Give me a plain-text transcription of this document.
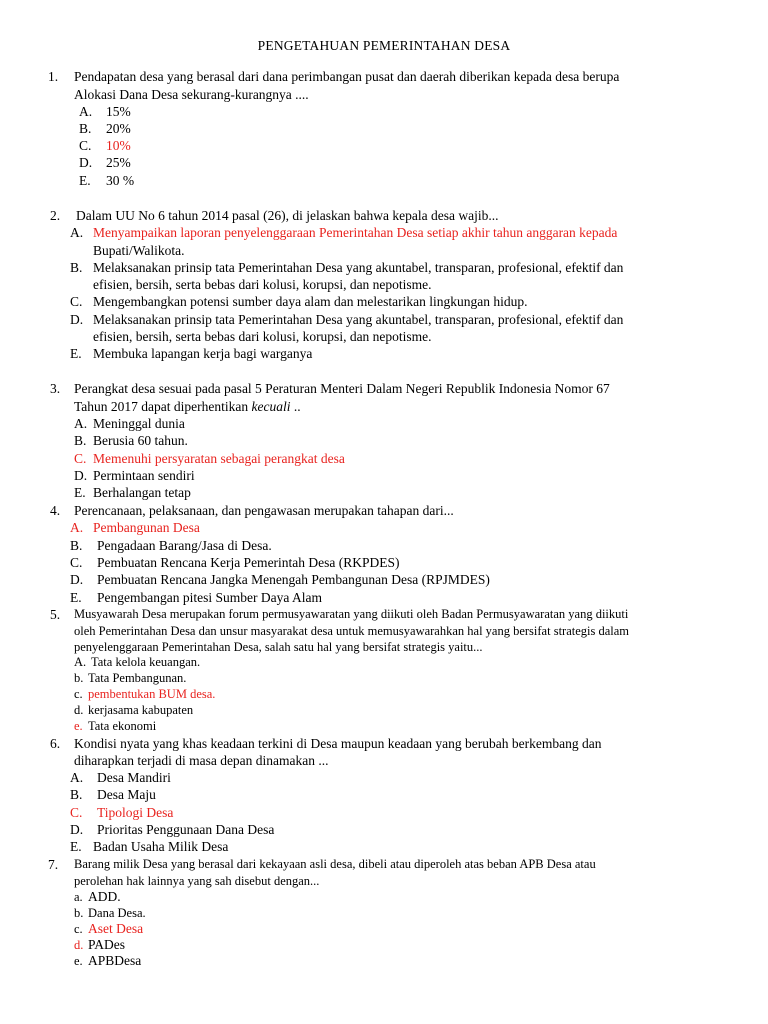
PENGETAHUAN PEMERINTAHAN DESA
1. Pendapatan desa yang berasal dari dana perimbangan pusat dan daerah diberikan kepada desa berupa
Alokasi Dana Desa sekurang-kurangnya ....
A. 15%
B. 20%
C. 10%
D. 25%
E. 30 %
2. Dalam UU No 6 tahun 2014 pasal (26), di jelaskan bahwa kepala desa wajib...
A. Menyampaikan laporan penyelenggaraan Pemerintahan Desa setiap akhir tahun anggaran kepada
Bupati/Walikota.
B. Melaksanakan prinsip tata Pemerintahan Desa yang akuntabel, transparan, profesional, efektif dan
efisien, bersih, serta bebas dari kolusi, korupsi, dan nepotisme.
C. Mengembangkan potensi sumber daya alam dan melestarikan lingkungan hidup.
D. Melaksanakan prinsip tata Pemerintahan Desa yang akuntabel, transparan, profesional, efektif dan
efisien, bersih, serta bebas dari kolusi, korupsi, dan nepotisme.
E. Membuka lapangan kerja bagi warganya
3. Perangkat desa sesuai pada pasal 5 Peraturan Menteri Dalam Negeri Republik Indonesia Nomor 67
Tahun 2017 dapat diperhentikan kecuali ..
A. Meninggal dunia
B. Berusia 60 tahun.
C. Memenuhi persyaratan sebagai perangkat desa
D. Permintaan sendiri
E. Berhalangan tetap
4. Perencanaan, pelaksanaan, dan pengawasan merupakan tahapan dari...
A. Pembangunan Desa
B. Pengadaan Barang/Jasa di Desa.
C. Pembuatan Rencana Kerja Pemerintah Desa (RKPDES)
D. Pembuatan Rencana Jangka Menengah Pembangunan Desa (RPJMDES)
E. Pengembangan pitesi Sumber Daya Alam
5. Musyawarah Desa merupakan forum permusyawaratan yang diikuti oleh Badan Permusyawaratan yang diikuti
oleh Pemerintahan Desa dan unsur masyarakat desa untuk memusyawarahkan hal yang bersifat strategis dalam
penyelenggaraan Pemerintahan Desa, salah satu hal yang bersifat strategis yaitu...
A. Tata kelola keuangan.
b. Tata Pembangunan.
c. pembentukan BUM desa.
d. kerjasama kabupaten
e. Tata ekonomi
6. Kondisi nyata yang khas keadaan terkini di Desa maupun keadaan yang berubah berkembang dan
diharapkan terjadi di masa depan dinamakan ...
A. Desa Mandiri
B. Desa Maju
C. Tipologi Desa
D. Prioritas Penggunaan Dana Desa
E. Badan Usaha Milik Desa
7. Barang milik Desa yang berasal dari kekayaan asli desa, dibeli atau diperoleh atas beban APB Desa atau
perolehan hak lainnya yang sah disebut dengan...
a. ADD.
b. Dana Desa.
c. Aset Desa
d. PADes
e. APBDesa
